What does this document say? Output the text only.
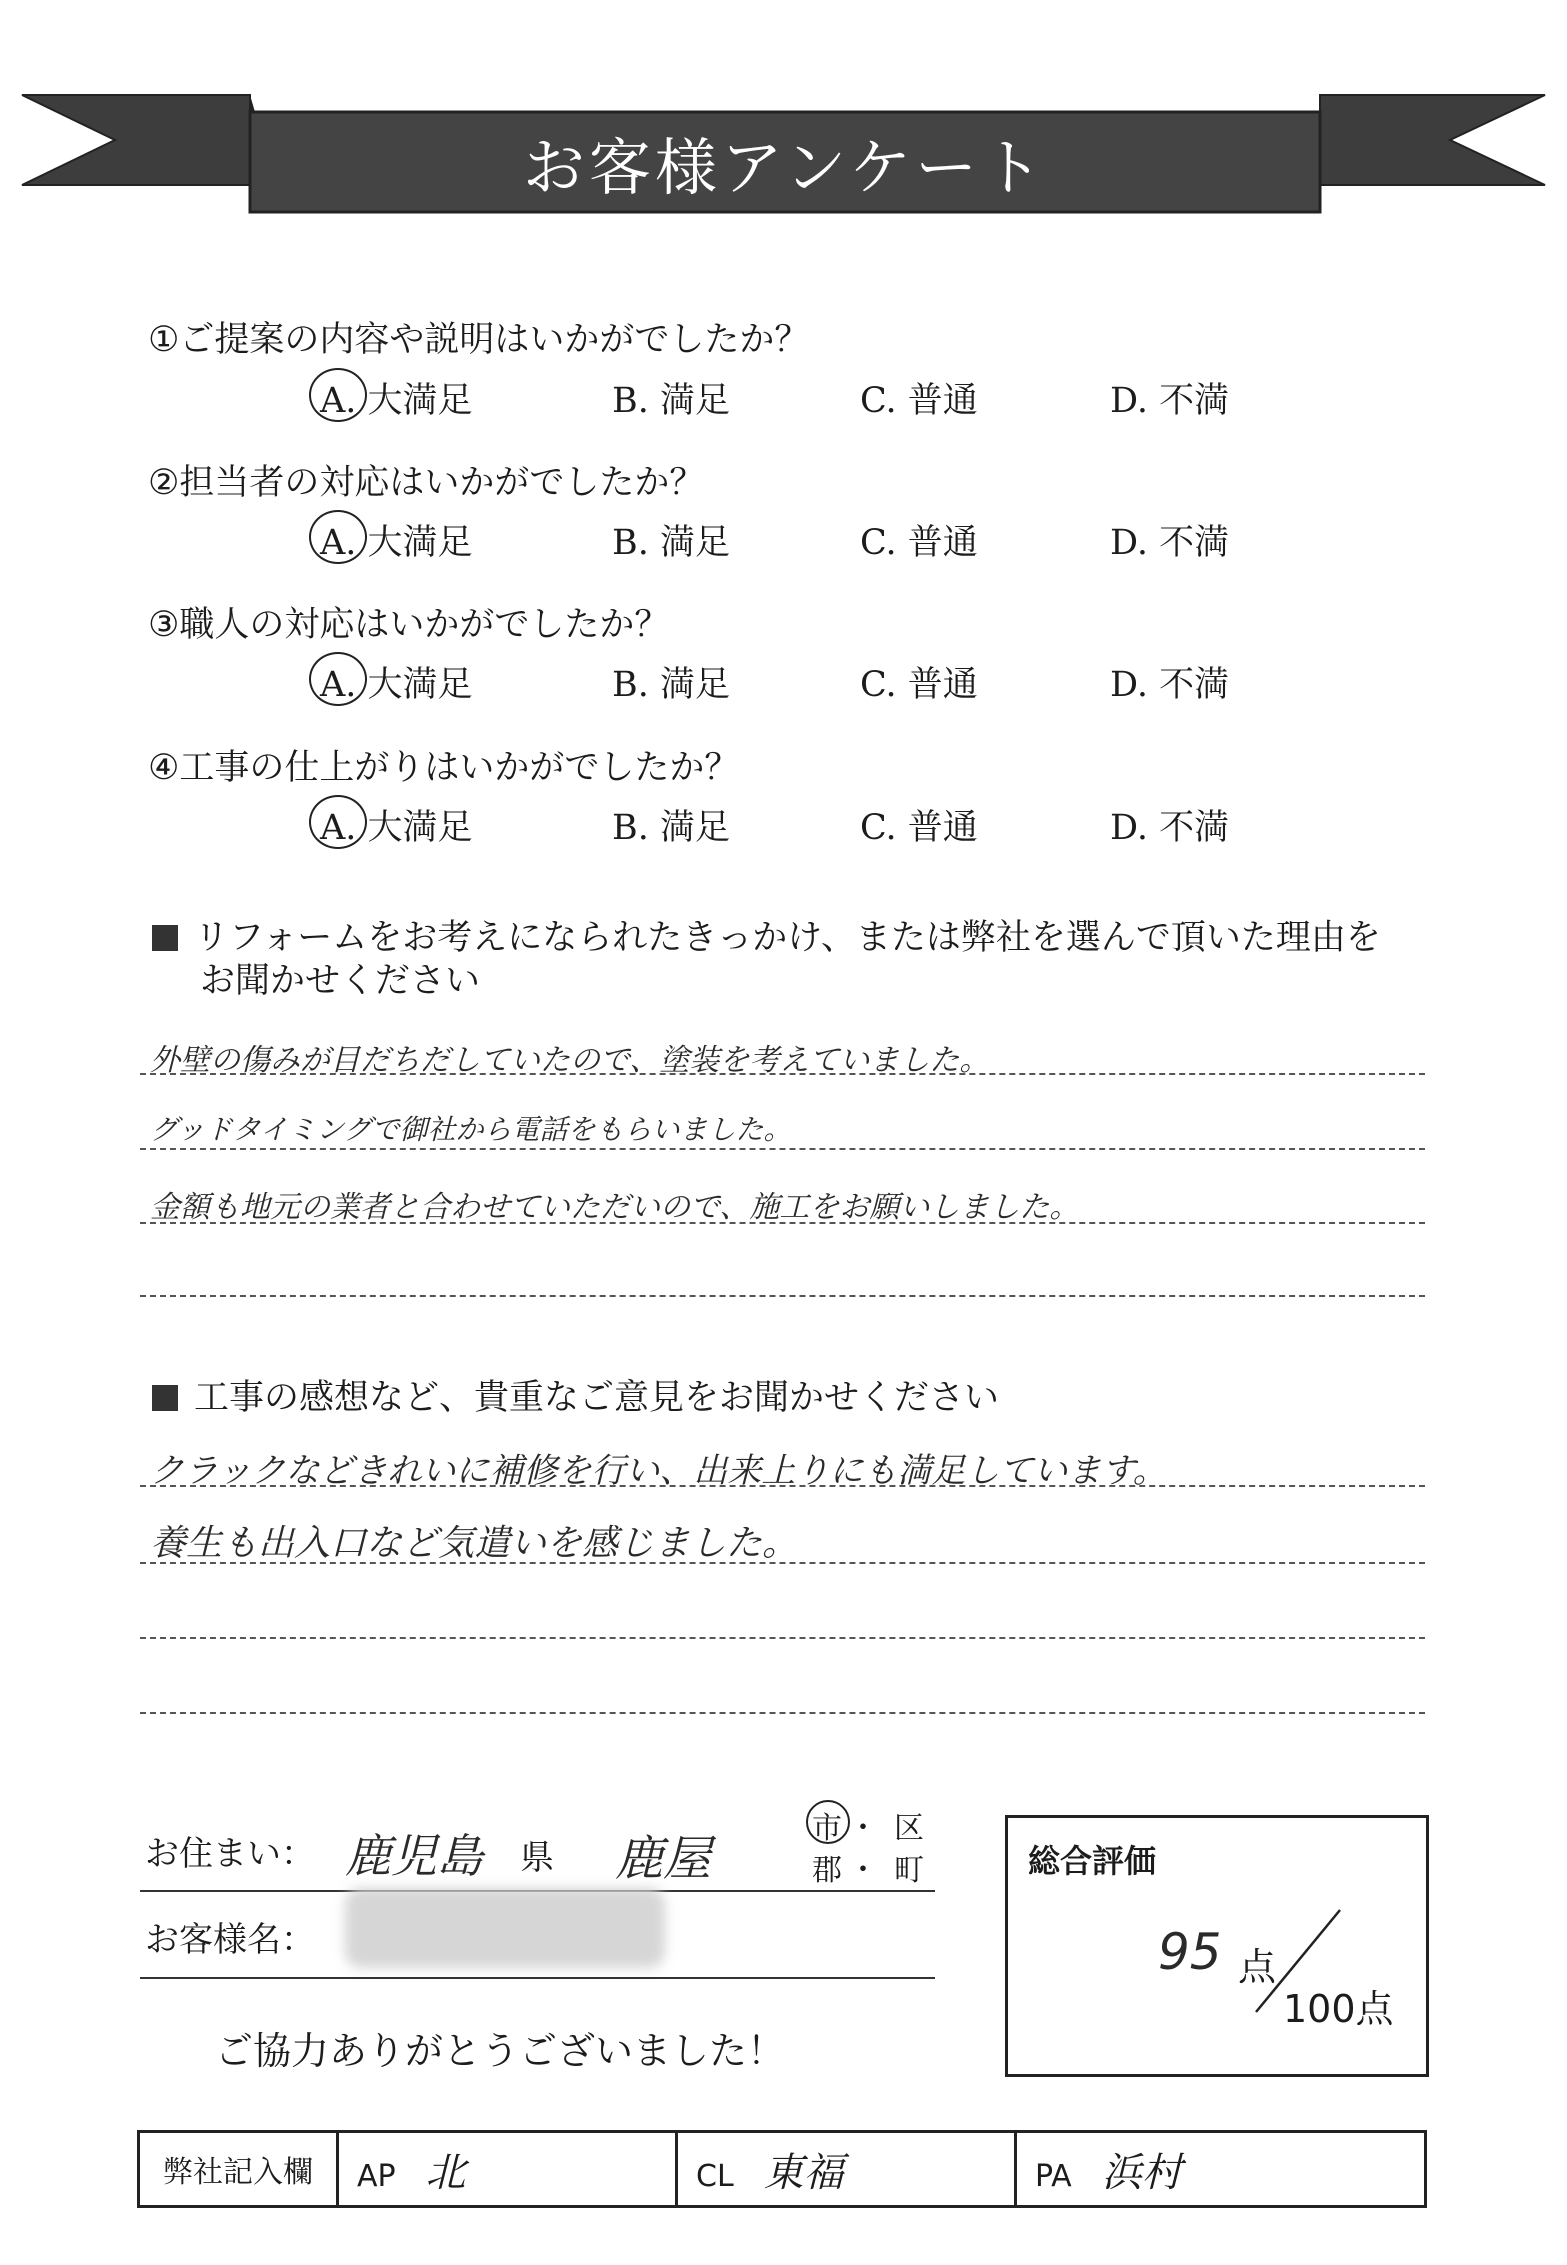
お客様アンケート
①ご提案の内容や説明はいかがでしたか？
A. 大満足	B. 満足	C. 普通	D. 不満
②担当者の対応はいかがでしたか？
A. 大満足	B. 満足	C. 普通	D. 不満
③職人の対応はいかがでしたか？
A. 大満足	B. 満足	C. 普通	D. 不満
④工事の仕上がりはいかがでしたか？
A. 大満足	B. 満足	C. 普通	D. 不満
リフォームをお考えになられたきっかけ、または弊社を選んで頂いた理由を
お聞かせください
外壁の傷みが目だちだしていたので、塗装を考えていました。
グッドタイミングで御社から電話をもらいました。
金額も地元の業者と合わせていただいので、施工をお願いしました。
工事の感想など、貴重なご意見をお聞かせください
クラックなどきれいに補修を行い、出来上りにも満足しています。
養生も出入口など気遣いを感じました。
お住まい： 鹿児島 県 鹿屋
市 ・ 区
郡 ・ 町
お客様名：
ご協力ありがとうございました！
総合評価
95 点
100点
弊社記入欄	AP 北	CL 東福	PA 浜村
